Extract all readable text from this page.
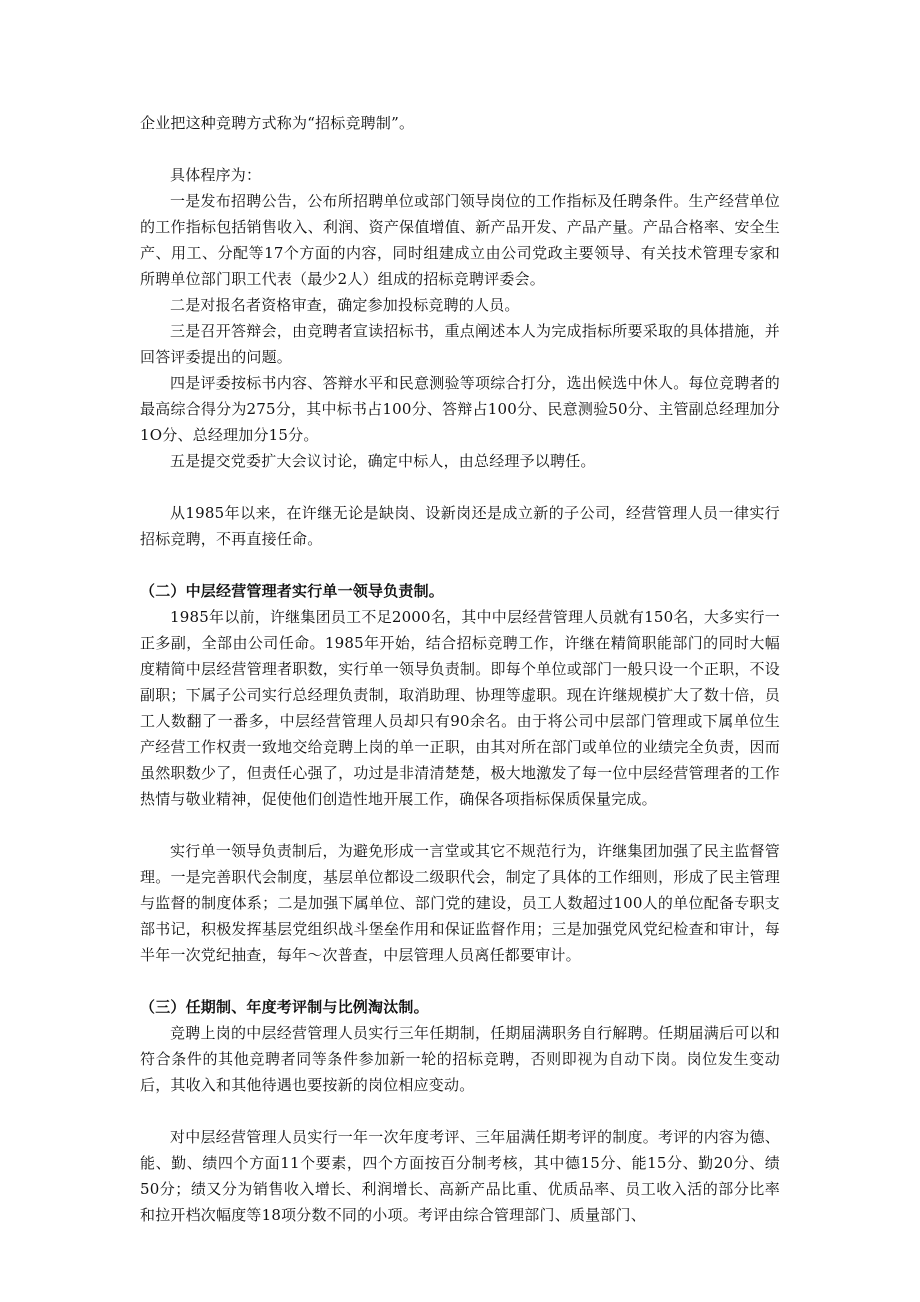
企业把这种竞聘方式称为“招标竞聘制”。

具体程序为：

一是发布招聘公告，公布所招聘单位或部门领导岗位的工作指标及任聘条件。生产经营单位的工作指标包括销售收入、利润、资产保值增值、新产品开发、产品产量。产品合格率、安全生产、用工、分配等17个方面的内容，同时组建成立由公司党政主要领导、有关技术管理专家和所聘单位部门职工代表（最少2人）组成的招标竞聘评委会。

二是对报名者资格审查，确定参加投标竞聘的人员。

三是召开答辩会，由竞聘者宣读招标书，重点阐述本人为完成指标所要采取的具体措施，并回答评委提出的问题。

四是评委按标书内容、答辩水平和民意测验等项综合打分，选出候选中休人。每位竞聘者的最高综合得分为275分，其中标书占100分、答辩占100分、民意测验50分、主管副总经理加分1O分、总经理加分15分。

五是提交党委扩大会议讨论，确定中标人，由总经理予以聘任。

从1985年以来，在许继无论是缺岗、设新岗还是成立新的子公司，经营管理人员一律实行招标竞聘，不再直接任命。

（二）中层经营管理者实行单一领导负责制。

1985年以前，许继集团员工不足2000名，其中中层经营管理人员就有150名，大多实行一正多副，全部由公司任命。1985年开始，结合招标竞聘工作，许继在精简职能部门的同时大幅度精简中层经营管理者职数，实行单一领导负责制。即每个单位或部门一般只设一个正职，不设副职；下属子公司实行总经理负责制，取消助理、协理等虚职。现在许继规模扩大了数十倍，员工人数翻了一番多，中层经营管理人员却只有90余名。由于将公司中层部门管理或下属单位生产经营工作权责一致地交给竞聘上岗的单一正职，由其对所在部门或单位的业绩完全负责，因而虽然职数少了，但责任心强了，功过是非清清楚楚，极大地激发了每一位中层经营管理者的工作热情与敬业精神，促使他们创造性地开展工作，确保各项指标保质保量完成。

实行单一领导负责制后，为避免形成一言堂或其它不规范行为，许继集团加强了民主监督管理。一是完善职代会制度，基层单位都设二级职代会，制定了具体的工作细则，形成了民主管理与监督的制度体系；二是加强下属单位、部门党的建设，员工人数超过100人的单位配备专职支部书记，积极发挥基层党组织战斗堡垒作用和保证监督作用；三是加强党风党纪检查和审计，每半年一次党纪抽查，每年～次普查，中层管理人员离任都要审计。

（三）任期制、年度考评制与比例淘汰制。

竞聘上岗的中层经营管理人员实行三年任期制，任期届满职务自行解聘。任期届满后可以和符合条件的其他竞聘者同等条件参加新一轮的招标竞聘，否则即视为自动下岗。岗位发生变动后，其收入和其他待遇也要按新的岗位相应变动。

对中层经营管理人员实行一年一次年度考评、三年届满任期考评的制度。考评的内容为德、能、勤、绩四个方面11个要素，四个方面按百分制考核，其中德15分、能15分、勤20分、绩50分；绩又分为销售收入增长、利润增长、高新产品比重、优质品率、员工收入活的部分比率和拉开档次幅度等18项分数不同的小项。考评由综合管理部门、质量部门、
